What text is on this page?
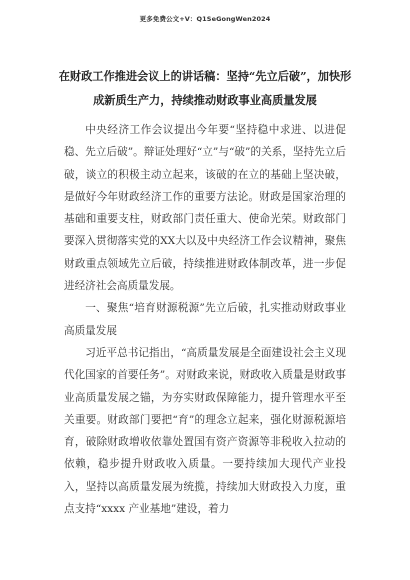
更多免费公文+V：Q1SeGongWen2024
在财政工作推进会议上的讲话稿：坚持“先立后破”，加快形成新质生产力，持续推动财政事业高质量发展

中央经济工作会议提出今年要“坚持稳中求进、以进促稳、先立后破”。辩证处理好“立”与“破”的关系，坚持先立后破，谈立的积极主动立起来，该破的在立的基础上坚决破，是做好今年财政经济工作的重要方法论。财政是国家治理的基础和重要支柱，财政部门责任重大、使命光荣。财政部门要深入贯彻落实党的XX大以及中央经济工作会议精神，聚焦财政重点领域先立后破，持续推进财政体制改革，进一步促进经济社会高质量发展。

一、聚焦“培育财源税源”先立后破，扎实推动财政事业高质量发展

习近平总书记指出，“高质量发展是全面建设社会主义现代化国家的首要任务”。对财政来说，财政收入质量是财政事业高质量发展之锚，为夯实财政保障能力，提升管理水平至关重要。财政部门要把“育”的理念立起来，强化财源税源培育，破除财政增收依靠处置国有资产资源等非税收入拉动的依赖，稳步提升财政收入质量。一要持续加大现代产业投入，坚持以高质量发展为统揽，持续加大财政投入力度，重点支持“xxxx 产业基地”建设，着力
